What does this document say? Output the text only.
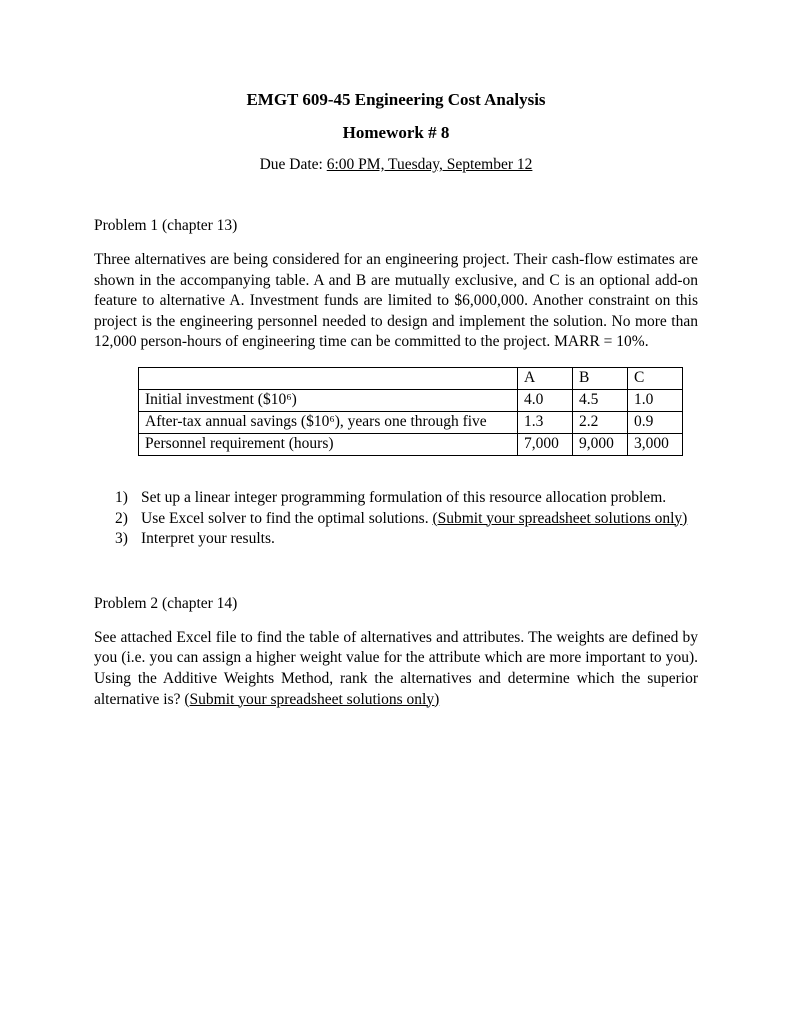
EMGT 609-45 Engineering Cost Analysis
Homework # 8
Due Date: 6:00 PM, Tuesday, September 12
Problem 1 (chapter 13)

Three alternatives are being considered for an engineering project. Their cash-flow estimates are shown in the accompanying table. A and B are mutually exclusive, and C is an optional add-on feature to alternative A. Investment funds are limited to $6,000,000. Another constraint on this project is the engineering personnel needed to design and implement the solution. No more than 12,000 person-hours of engineering time can be committed to the project. MARR = 10%.

	A	B	C
Initial investment ($10⁶)	4.0	4.5	1.0
After-tax annual savings ($10⁶), years one through five	1.3	2.2	0.9
Personnel requirement (hours)	7,000	9,000	3,000
1) Set up a linear integer programming formulation of this resource allocation problem.
2) Use Excel solver to find the optimal solutions. (Submit your spreadsheet solutions only)
3) Interpret your results.
Problem 2 (chapter 14)

See attached Excel file to find the table of alternatives and attributes. The weights are defined by you (i.e. you can assign a higher weight value for the attribute which are more important to you). Using the Additive Weights Method, rank the alternatives and determine which the superior alternative is? (Submit your spreadsheet solutions only)
